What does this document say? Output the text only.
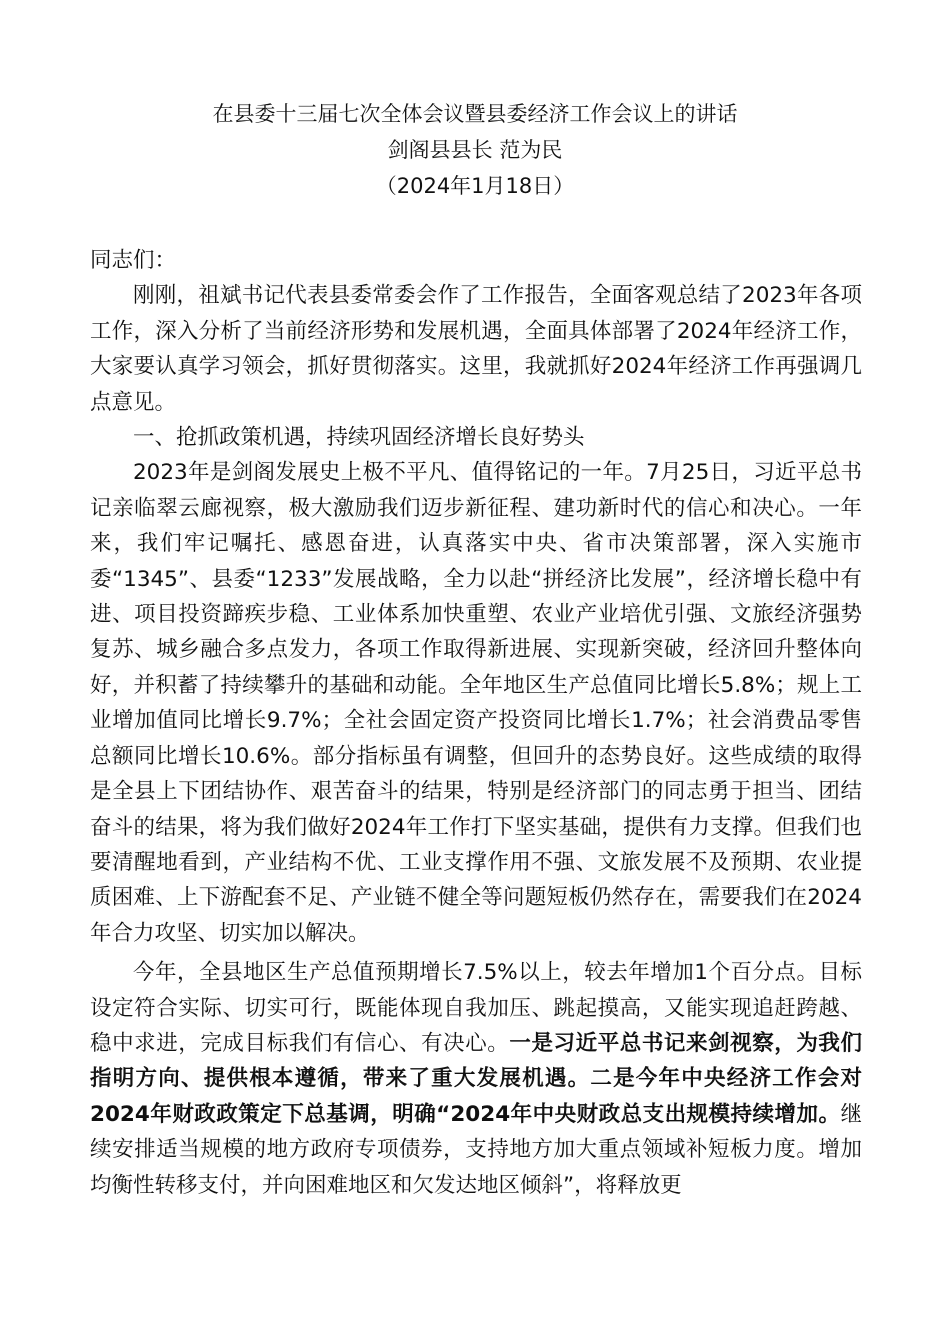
在县委十三届七次全体会议暨县委经济工作会议上的讲话
剑阁县县长 范为民
（2024年1月18日）

同志们：

刚刚，祖斌书记代表县委常委会作了工作报告，全面客观总结了2023年各项工作，深入分析了当前经济形势和发展机遇，全面具体部署了2024年经济工作，大家要认真学习领会，抓好贯彻落实。这里，我就抓好2024年经济工作再强调几点意见。

一、抢抓政策机遇，持续巩固经济增长良好势头

2023年是剑阁发展史上极不平凡、值得铭记的一年。7月25日，习近平总书记亲临翠云廊视察，极大激励我们迈步新征程、建功新时代的信心和决心。一年来，我们牢记嘱托、感恩奋进，认真落实中央、省市决策部署，深入实施市委“1345”、县委“1233”发展战略，全力以赴“拼经济比发展”，经济增长稳中有进、项目投资蹄疾步稳、工业体系加快重塑、农业产业培优引强、文旅经济强势复苏、城乡融合多点发力，各项工作取得新进展、实现新突破，经济回升整体向好，并积蓄了持续攀升的基础和动能。全年地区生产总值同比增长5.8%；规上工业增加值同比增长9.7%；全社会固定资产投资同比增长1.7%；社会消费品零售总额同比增长10.6%。部分指标虽有调整，但回升的态势良好。这些成绩的取得是全县上下团结协作、艰苦奋斗的结果，特别是经济部门的同志勇于担当、团结奋斗的结果，将为我们做好2024年工作打下坚实基础，提供有力支撑。但我们也要清醒地看到，产业结构不优、工业支撑作用不强、文旅发展不及预期、农业提质困难、上下游配套不足、产业链不健全等问题短板仍然存在，需要我们在2024年合力攻坚、切实加以解决。

今年，全县地区生产总值预期增长7.5%以上，较去年增加1个百分点。目标设定符合实际、切实可行，既能体现自我加压、跳起摸高，又能实现追赶跨越、稳中求进，完成目标我们有信心、有决心。一是习近平总书记来剑视察，为我们指明方向、提供根本遵循，带来了重大发展机遇。二是今年中央经济工作会对2024年财政政策定下总基调，明确“2024年中央财政总支出规模持续增加。继续安排适当规模的地方政府专项债券，支持地方加大重点领域补短板力度。增加均衡性转移支付，并向困难地区和欠发达地区倾斜”，将释放更
